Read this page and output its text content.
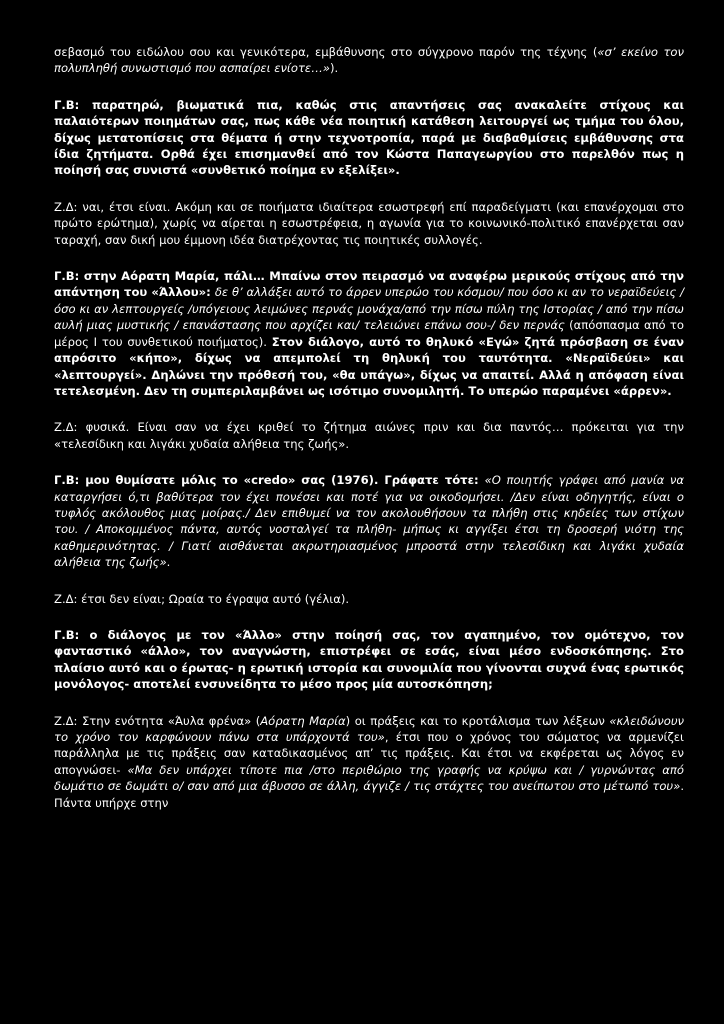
σεβασμό του ειδώλου σου και γενικότερα, εμβάθυνσης στο σύγχρονο παρόν της τέχνης («σ’ εκείνο τον πολυπληθή συνωστισμό που ασπαίρει ενίοτε…»).

Γ.Β: παρατηρώ, βιωματικά πια, καθώς στις απαντήσεις σας ανακαλείτε στίχους και παλαιότερων ποιημάτων σας, πως κάθε νέα ποιητική κατάθεση λειτουργεί ως τμήμα του όλου, δίχως μετατοπίσεις στα θέματα ή στην τεχνοτροπία, παρά με διαβαθμίσεις εμβάθυνσης στα ίδια ζητήματα. Ορθά έχει επισημανθεί από τον Κώστα Παπαγεωργίου στο παρελθόν πως η ποίησή σας συνιστά «συνθετικό ποίημα εν εξελίξει».

Ζ.Δ: ναι, έτσι είναι. Ακόμη και σε ποιήματα ιδιαίτερα εσωστρεφή επί παραδείγματι (και επανέρχομαι στο πρώτο ερώτημα), χωρίς να αίρεται η εσωστρέφεια, η αγωνία για το κοινωνικό-πολιτικό επανέρχεται σαν ταραχή, σαν δική μου έμμονη ιδέα διατρέχοντας τις ποιητικές συλλογές.

Γ.Β: στην Αόρατη Μαρία, πάλι… Μπαίνω στον πειρασμό να αναφέρω μερικούς στίχους από την απάντηση του «Άλλου»: δε θ’ αλλάξει αυτό το άρρεν υπερώο του κόσμου/ που όσο κι αν το νεραϊδεύεις / όσο κι αν λεπτουργείς /υπόγειους λειμώνες περνάς μονάχα/από την πίσω πύλη της Ιστορίας / από την πίσω αυλή μιας μυστικής / επανάστασης που αρχίζει και/ τελειώνει επάνω σου-/ δεν περνάς (απόσπασμα από το μέρος Ι του συνθετικού ποιήματος). Στον διάλογο, αυτό το θηλυκό «Εγώ» ζητά πρόσβαση σε έναν απρόσιτο «κήπο», δίχως να απεμπολεί τη θηλυκή του ταυτότητα. «Νεραϊδεύει» και «λεπτουργεί». Δηλώνει την πρόθεσή του, «θα υπάγω», δίχως να απαιτεί. Αλλά η απόφαση είναι τετελεσμένη. Δεν τη συμπεριλαμβάνει ως ισότιμο συνομιλητή. Το υπερώο παραμένει «άρρεν».

Ζ.Δ: φυσικά. Είναι σαν να έχει κριθεί το ζήτημα αιώνες πριν και δια παντός… πρόκειται για την «τελεσίδικη και λιγάκι χυδαία αλήθεια της ζωής».

Γ.Β: μου θυμίσατε μόλις το «credo» σας (1976). Γράφατε τότε: «Ο ποιητής γράφει από μανία να καταργήσει ό,τι βαθύτερα τον έχει πονέσει και ποτέ για να οικοδομήσει. /Δεν είναι οδηγητής, είναι ο τυφλός ακόλουθος μιας μοίρας./ Δεν επιθυμεί να τον ακολουθήσουν τα πλήθη στις κηδείες των στίχων του. / Αποκομμένος πάντα, αυτός νοσταλγεί τα πλήθη- μήπως κι αγγίξει έτσι τη δροσερή νιότη της καθημερινότητας. / Γιατί αισθάνεται ακρωτηριασμένος μπροστά στην τελεσίδικη και λιγάκι χυδαία αλήθεια της ζωής».

Ζ.Δ: έτσι δεν είναι; Ωραία το έγραψα αυτό (γέλια).

Γ.Β: ο διάλογος με τον «Άλλο» στην ποίησή σας, τον αγαπημένο, τον ομότεχνο, τον φανταστικό «άλλο», τον αναγνώστη, επιστρέφει σε εσάς, είναι μέσο ενδοσκόπησης. Στο πλαίσιο αυτό και ο έρωτας- η ερωτική ιστορία και συνομιλία που γίνονται συχνά ένας ερωτικός μονόλογος- αποτελεί ενσυνείδητα το μέσο προς μία αυτοσκόπηση;

Ζ.Δ: Στην ενότητα «Άυλα φρένα» (Αόρατη Μαρία) οι πράξεις και το κροτάλισμα των λέξεων «κλειδώνουν το χρόνο τον καρφώνουν πάνω στα υπάρχοντά του», έτσι που ο χρόνος του σώματος να αρμενίζει παράλληλα με τις πράξεις σαν καταδικασμένος απ’ τις πράξεις. Και έτσι να εκφέρεται ως λόγος εν απογνώσει- «Μα δεν υπάρχει τίποτε πια /στο περιθώριο της γραφής να κρύψω και / γυρνώντας από δωμάτιο σε δωμάτι ο/ σαν από μια άβυσσο σε άλλη, άγγιζε / τις στάχτες του ανείπωτου στο μέτωπό του». Πάντα υπήρχε στην
